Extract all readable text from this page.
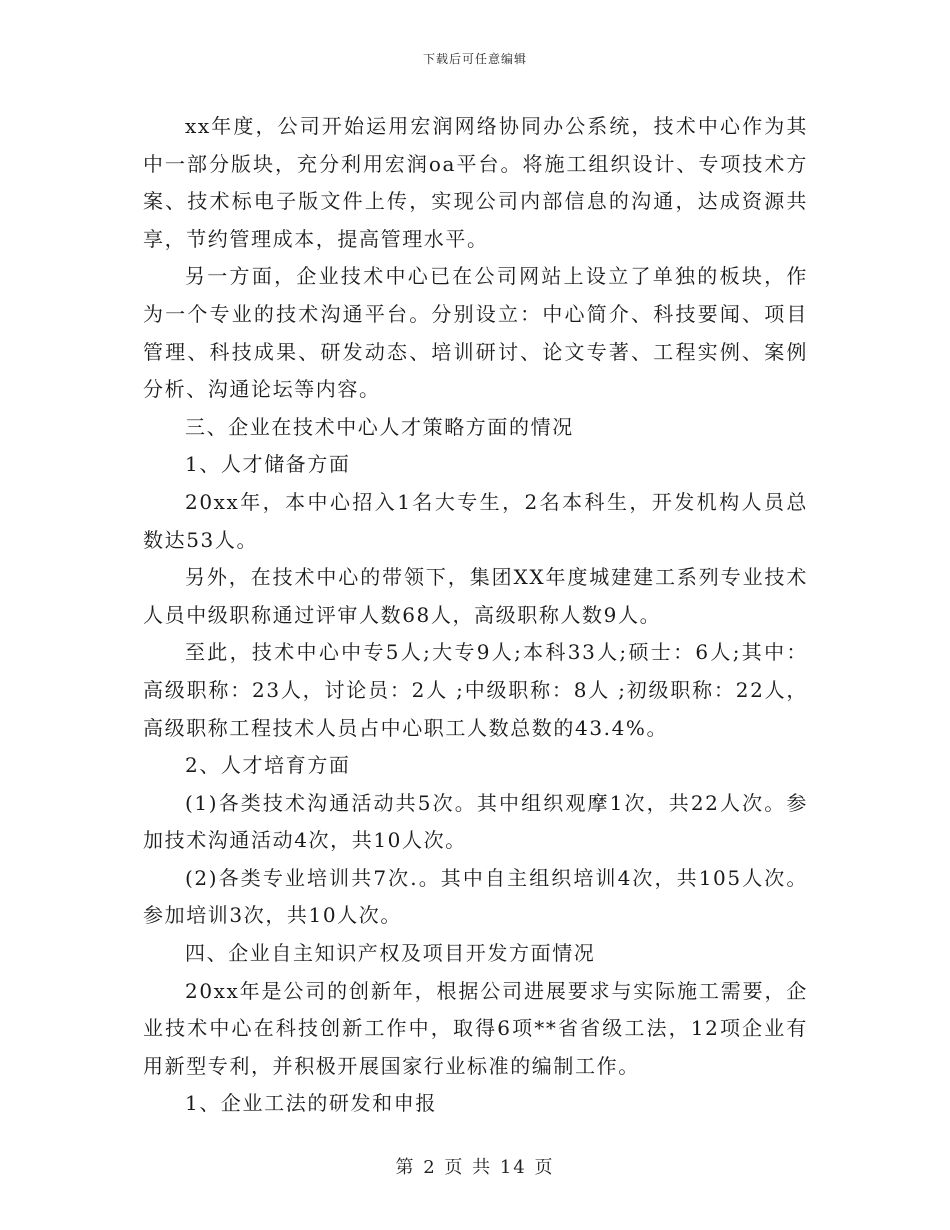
下载后可任意编辑

xx年度，公司开始运用宏润网络协同办公系统，技术中心作为其中一部分版块，充分利用宏润oa平台。将施工组织设计、专项技术方案、技术标电子版文件上传，实现公司内部信息的沟通，达成资源共享，节约管理成本，提高管理水平。

另一方面，企业技术中心已在公司网站上设立了单独的板块，作为一个专业的技术沟通平台。分别设立：中心简介、科技要闻、项目管理、科技成果、研发动态、培训研讨、论文专著、工程实例、案例分析、沟通论坛等内容。

三、企业在技术中心人才策略方面的情况

1、人才储备方面

20xx年，本中心招入1名大专生，2名本科生，开发机构人员总数达53人。

另外，在技术中心的带领下，集团XX年度城建建工系列专业技术人员中级职称通过评审人数68人，高级职称人数9人。

至此，技术中心中专5人;大专9人;本科33人;硕士：6人;其中：高级职称：23人，讨论员：2人 ;中级职称：8人 ;初级职称：22人，高级职称工程技术人员占中心职工人数总数的43.4%。

2、人才培育方面

(1)各类技术沟通活动共5次。其中组织观摩1次，共22人次。参加技术沟通活动4次，共10人次。

(2)各类专业培训共7次.。其中自主组织培训4次，共105人次。参加培训3次，共10人次。

四、企业自主知识产权及项目开发方面情况

20xx年是公司的创新年，根据公司进展要求与实际施工需要，企业技术中心在科技创新工作中，取得6项**省省级工法，12项企业有用新型专利，并积极开展国家行业标准的编制工作。

1、企业工法的研发和申报

第 2 页 共 14 页
